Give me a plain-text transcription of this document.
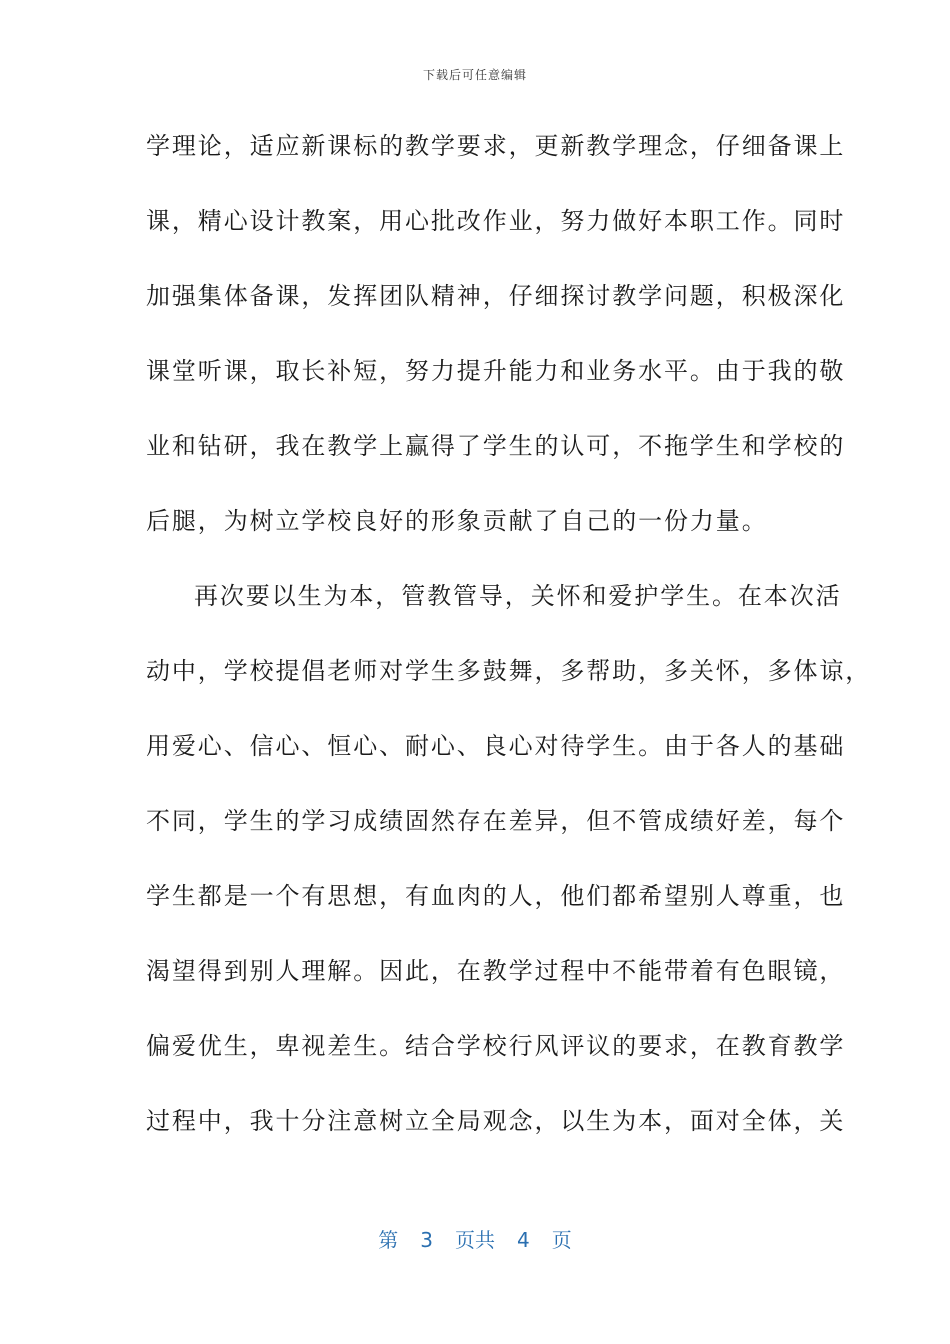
下载后可任意编辑
学理论，适应新课标的教学要求，更新教学理念，仔细备课上
课，精心设计教案，用心批改作业，努力做好本职工作。同时
加强集体备课，发挥团队精神，仔细探讨教学问题，积极深化
课堂听课，取长补短，努力提升能力和业务水平。由于我的敬
业和钻研，我在教学上赢得了学生的认可，不拖学生和学校的
后腿，为树立学校良好的形象贡献了自己的一份力量。
再次要以生为本，管教管导，关怀和爱护学生。在本次活
动中，学校提倡老师对学生多鼓舞，多帮助，多关怀，多体谅，
用爱心、信心、恒心、耐心、良心对待学生。由于各人的基础
不同，学生的学习成绩固然存在差异，但不管成绩好差，每个
学生都是一个有思想，有血肉的人，他们都希望别人尊重，也
渴望得到别人理解。因此，在教学过程中不能带着有色眼镜，
偏爱优生，卑视差生。结合学校行风评议的要求，在教育教学
过程中，我十分注意树立全局观念，以生为本，面对全体，关
第 3 页共 4 页
